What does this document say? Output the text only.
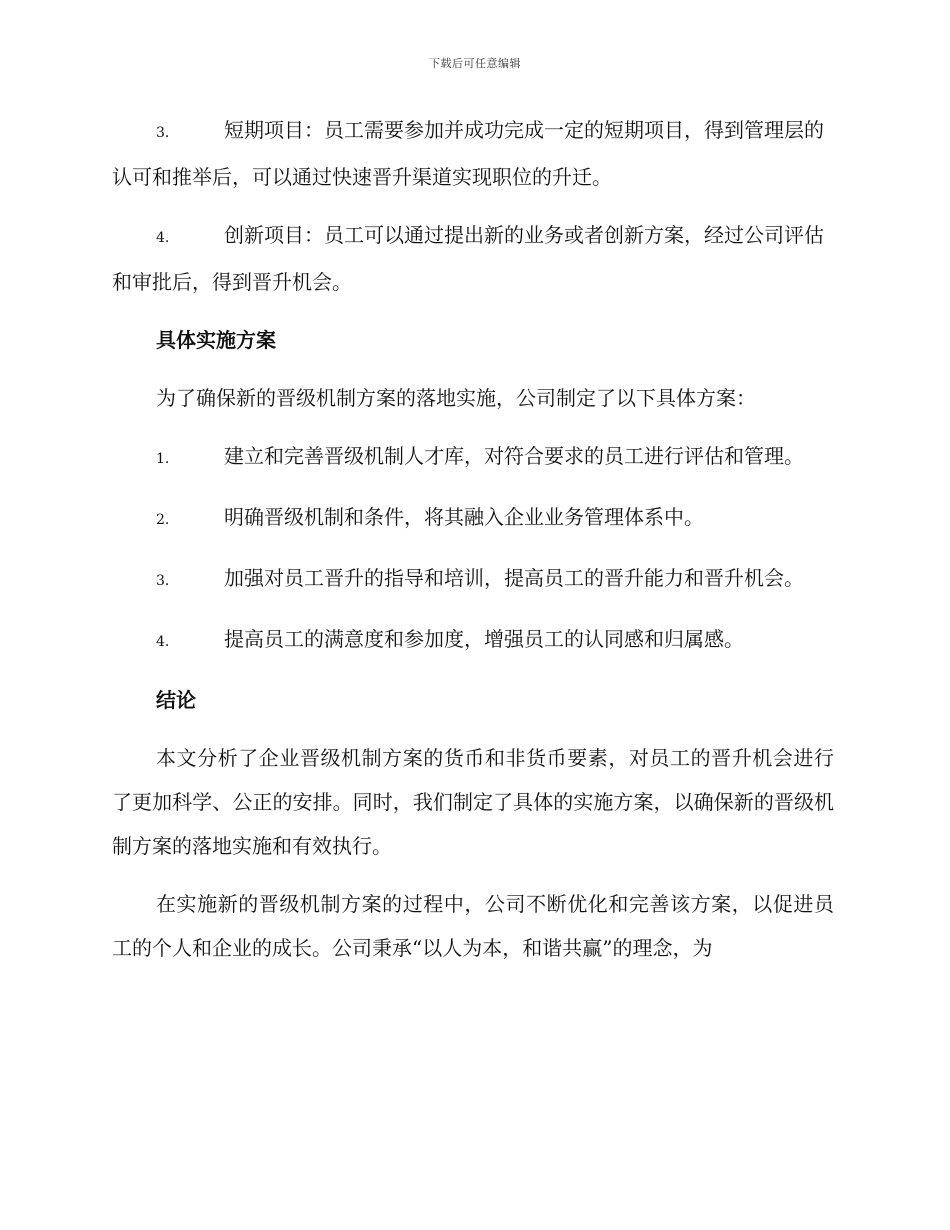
下载后可任意编辑

3.	短期项目：员工需要参加并成功完成一定的短期项目，得到管理层的认可和推举后，可以通过快速晋升渠道实现职位的升迁。

4.	创新项目：员工可以通过提出新的业务或者创新方案，经过公司评估和审批后，得到晋升机会。

具体实施方案

为了确保新的晋级机制方案的落地实施，公司制定了以下具体方案：

1.	建立和完善晋级机制人才库，对符合要求的员工进行评估和管理。

2.	明确晋级机制和条件，将其融入企业业务管理体系中。

3.	加强对员工晋升的指导和培训，提高员工的晋升能力和晋升机会。

4.	提高员工的满意度和参加度，增强员工的认同感和归属感。

结论

本文分析了企业晋级机制方案的货币和非货币要素，对员工的晋升机会进行了更加科学、公正的安排。同时，我们制定了具体的实施方案，以确保新的晋级机制方案的落地实施和有效执行。

在实施新的晋级机制方案的过程中，公司不断优化和完善该方案，以促进员工的个人和企业的成长。公司秉承“以人为本，和谐共赢”的理念，为
